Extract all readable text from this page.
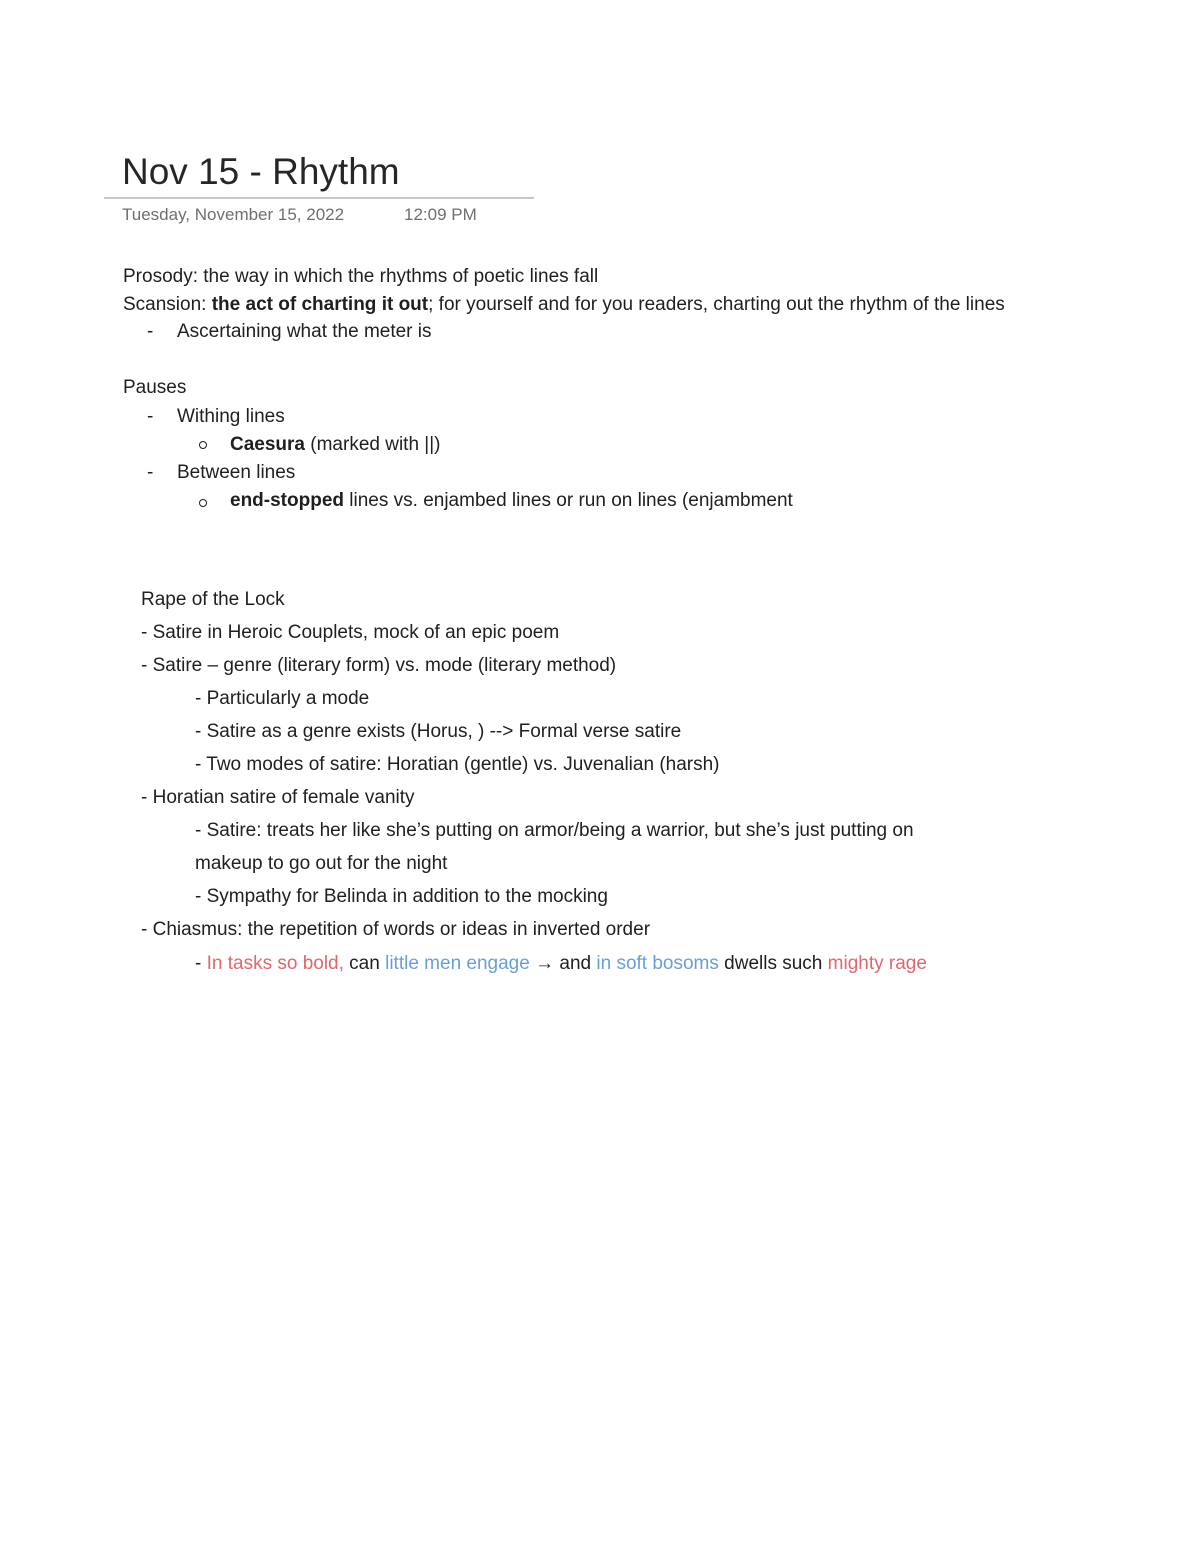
Nov 15 - Rhythm
Tuesday, November 15, 2022	12:09 PM
Prosody: the way in which the rhythms of poetic lines fall
Scansion: the act of charting it out; for yourself and for you readers, charting out the rhythm of the lines
- Ascertaining what the meter is
Pauses
- Withing lines
Caesura (marked with ||)
- Between lines
end-stopped lines vs. enjambed lines or run on lines (enjambment
Rape of the Lock
- Satire in Heroic Couplets, mock of an epic poem
- Satire – genre (literary form) vs. mode (literary method)
- Particularly a mode
- Satire as a genre exists (Horus, ) --> Formal verse satire
- Two modes of satire: Horatian (gentle) vs. Juvenalian (harsh)
- Horatian satire of female vanity
- Satire: treats her like she’s putting on armor/being a warrior, but she’s just putting on
makeup to go out for the night
- Sympathy for Belinda in addition to the mocking
- Chiasmus: the repetition of words or ideas in inverted order
- In tasks so bold, can little men engage → and in soft bosoms dwells such mighty rage
